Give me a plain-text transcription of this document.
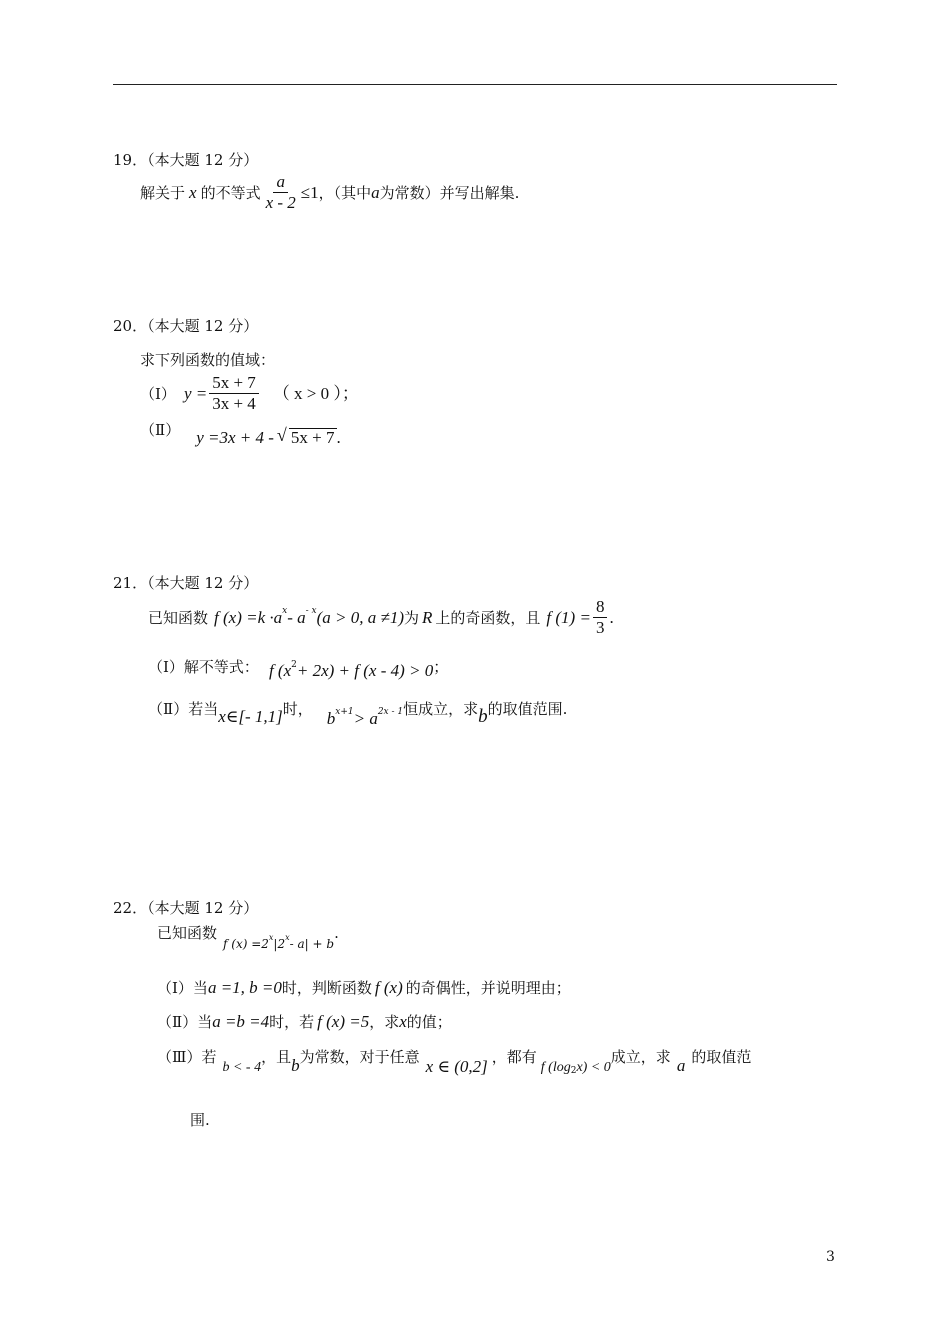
19．（本大题 12 分）
解关于 x 的不等式 $\frac{a}{x - 2} \le 1$ ，（其中 a 为常数）并写出解集.
20．（本大题 12 分）
求下列函数的值域：
（Ⅰ） $y = \frac{5x + 7}{3x + 4}$ （ x > 0 ）；
（Ⅱ） y =3x + 4 - √ 5x + 7 .
21．（本大题 12 分）
已知函数 f (x) =k ·a x - a - x (a > 0, a ≠1) 为 R 上的奇函数，且 f $(1) = \frac{8}{3}$ .
（Ⅰ）解不等式： f (x 2 + 2x) + f (x - 4) > 0 ；
（Ⅱ）若当 x∈[- 1,1] 时， b x+1 > a 2x - 1 恒成立，求 b 的取值范围.
22．（本大题 12 分）
已知函数
f (x) =2 x |2 x - a| + b
.
（Ⅰ）当 a =1, b =0 时，判断函数 f (x) 的奇偶性，并说明理由；
（Ⅱ）当 a =b =4 时，若 f (x) =5 ，求 x 的值；
（Ⅲ）若
b < - 4
，且 b 为常数，对于任意 x ∈ (0,2] ，都有
f (log 2 x) < 0
成立，求 a 的取值范
围.
3
